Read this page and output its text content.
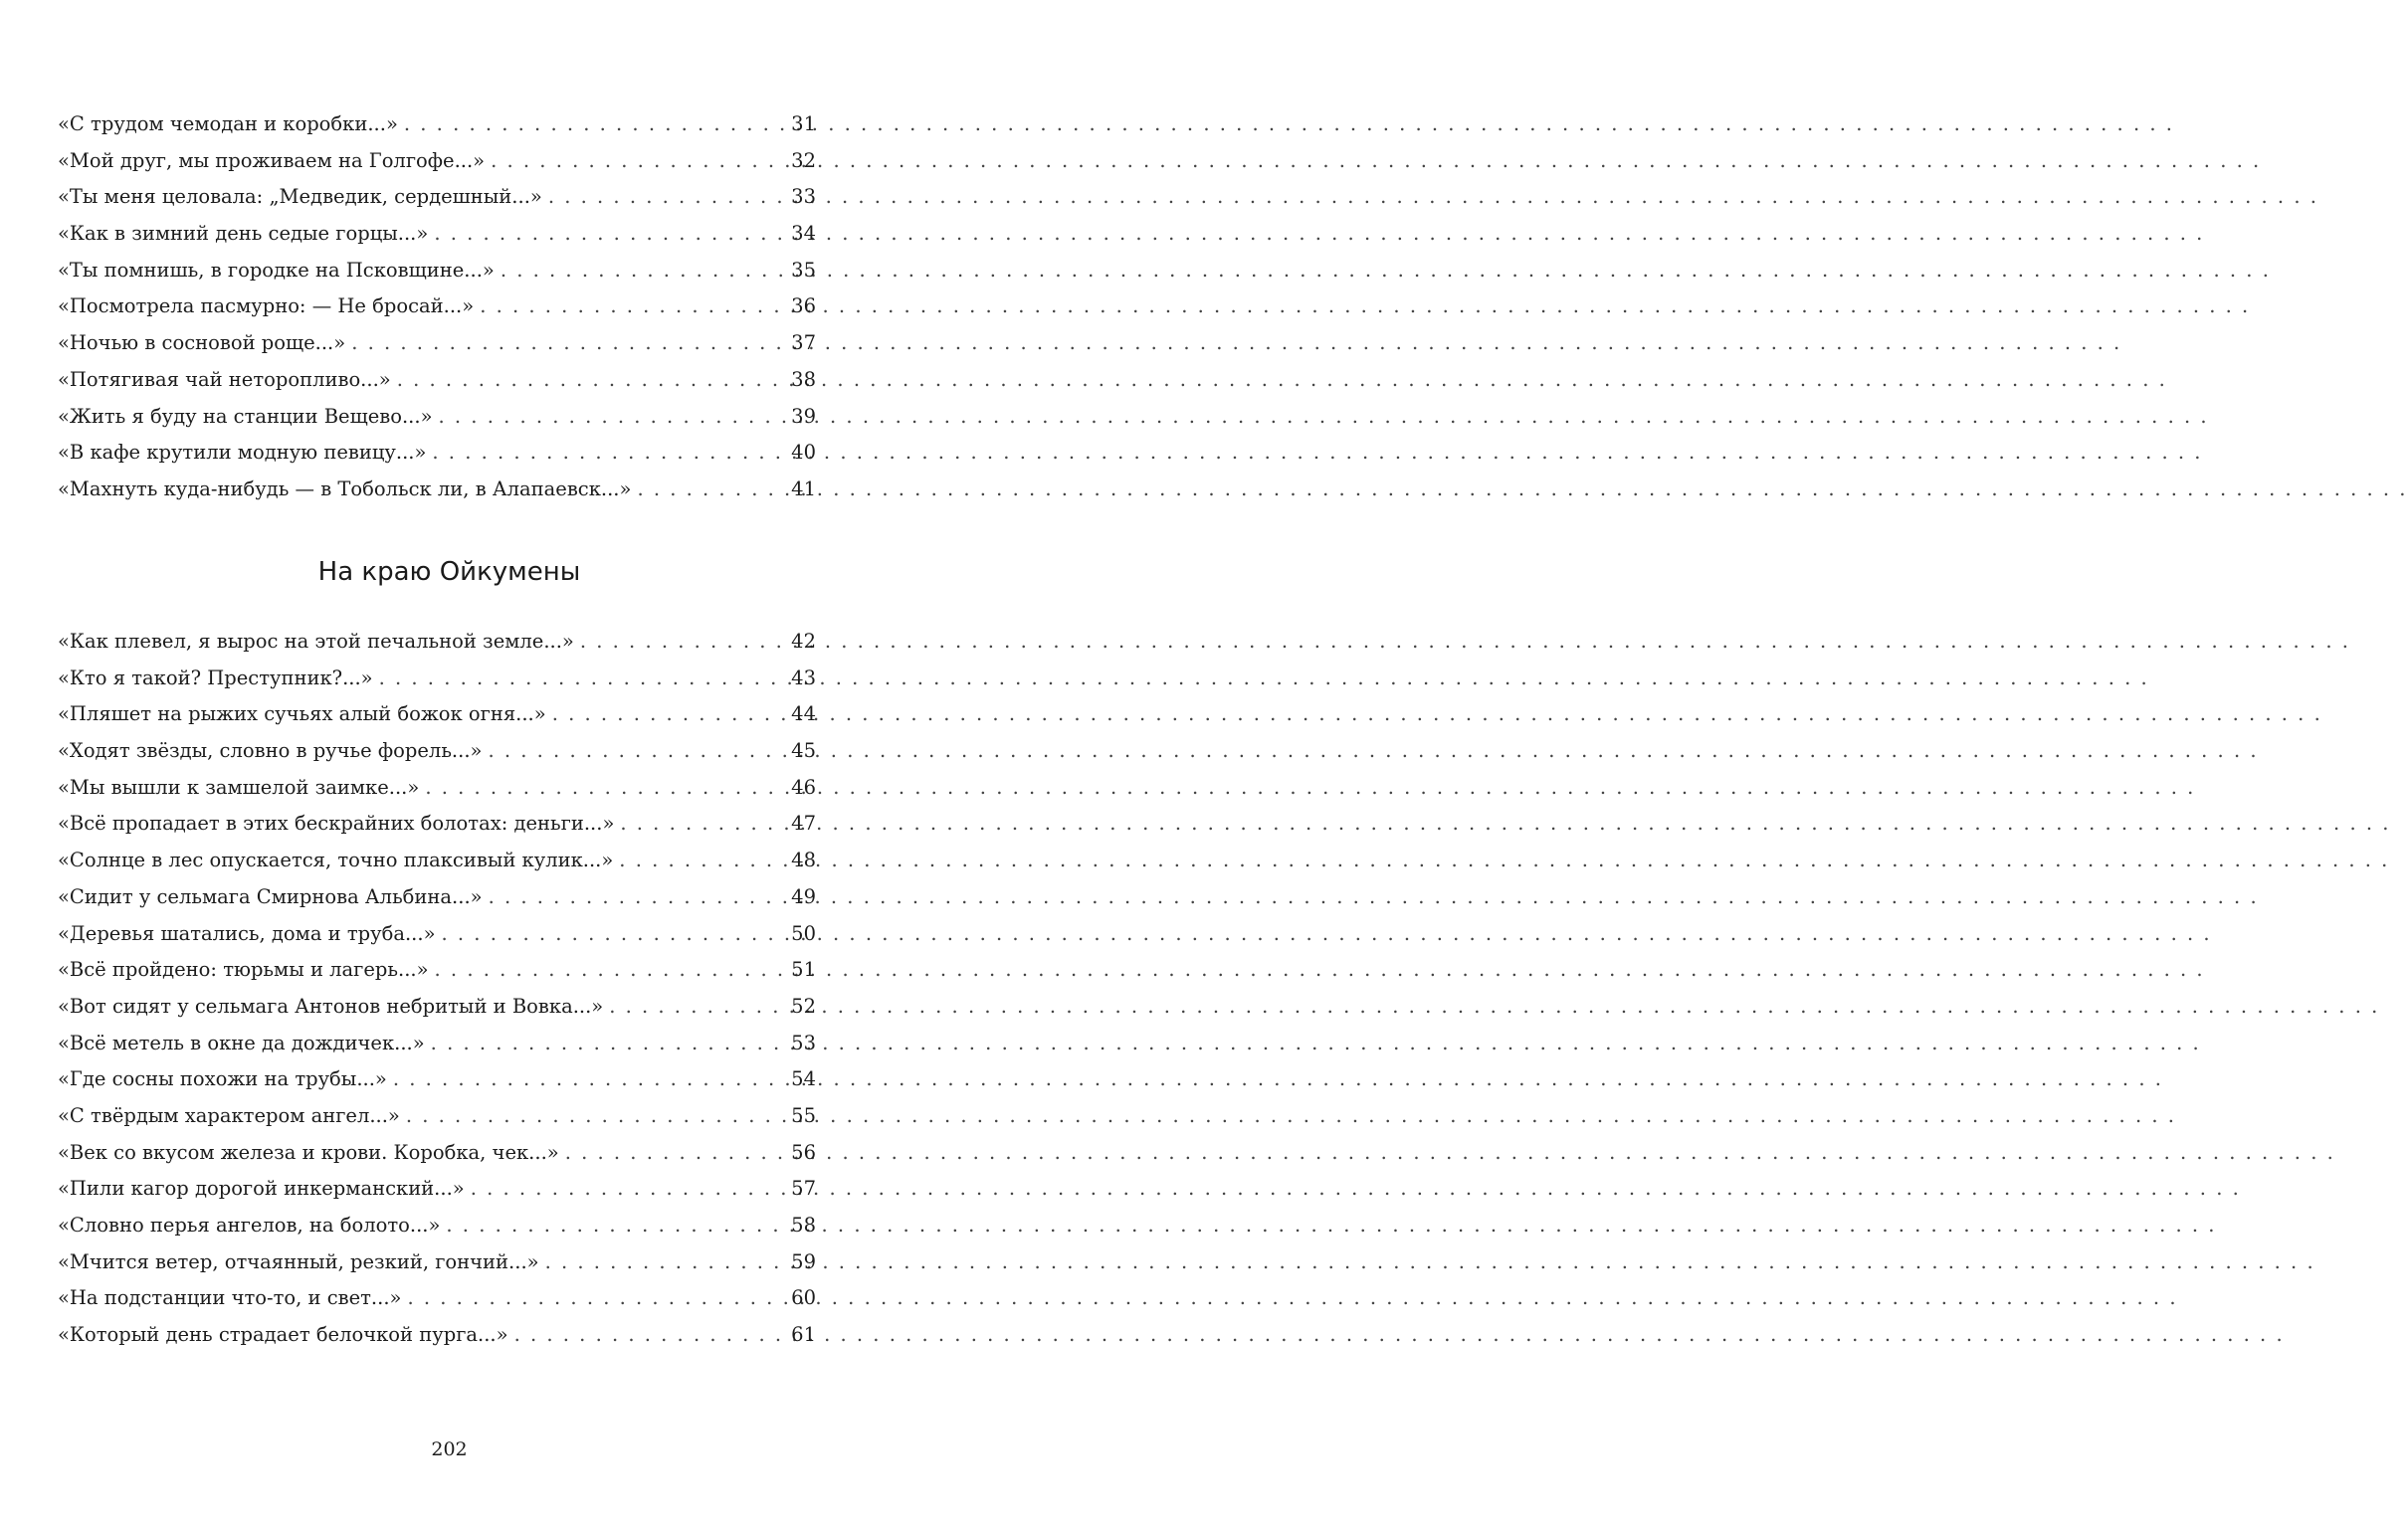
«С трудом чемодан и коробки...» . . .	31
«Мой друг, мы проживаем на Голгофе...» . . .	32
«Ты меня целовала: „Медведик, сердешный...» . . .	33
«Как в зимний день седые горцы...» . . .	34
«Ты помнишь, в городке на Псковщине...» . . .	35
«Посмотрела пасмурно: — Не бросай...» . . .	36
«Ночью в сосновой роще...» . . .	37
«Потягивая чай неторопливо...» . . .	38
«Жить я буду на станции Вещево...» . . .	39
«В кафе крутили модную певицу...» . . .	40
«Махнуть куда-нибудь — в Тобольск ли, в Алапаевск...» . . .	41
На краю Ойкумены
«Как плевел, я вырос на этой печальной земле...» . . .	42
«Кто я такой? Преступник?...» . . .	43
«Пляшет на рыжих сучьях алый божок огня...» . . .	44
«Ходят звёзды, словно в ручье форель...» . . .	45
«Мы вышли к замшелой заимке...» . . .	46
«Всё пропадает в этих бескрайних болотах: деньги...» . . .	47
«Солнце в лес опускается, точно плаксивый кулик...» . . .	48
«Сидит у сельмага Смирнова Альбина...» . . .	49
«Деревья шатались, дома и труба...» . . .	50
«Всё пройдено: тюрьмы и лагерь...» . . .	51
«Вот сидят у сельмага Антонов небритый и Вовка...» . . .	52
«Всё метель в окне да дождичек...» . . .	53
«Где сосны похожи на трубы...» . . .	54
«С твёрдым характером ангел...» . . .	55
«Век со вкусом железа и крови. Коробка, чек...» . . .	56
«Пили кагор дорогой инкерманский...» . . .	57
«Словно перья ангелов, на болото...» . . .	58
«Мчится ветер, отчаянный, резкий, гончий...» . . .	59
«На подстанции что-то, и свет...» . . .	60
«Который день страдает белочкой пурга...» . . .	61
202
